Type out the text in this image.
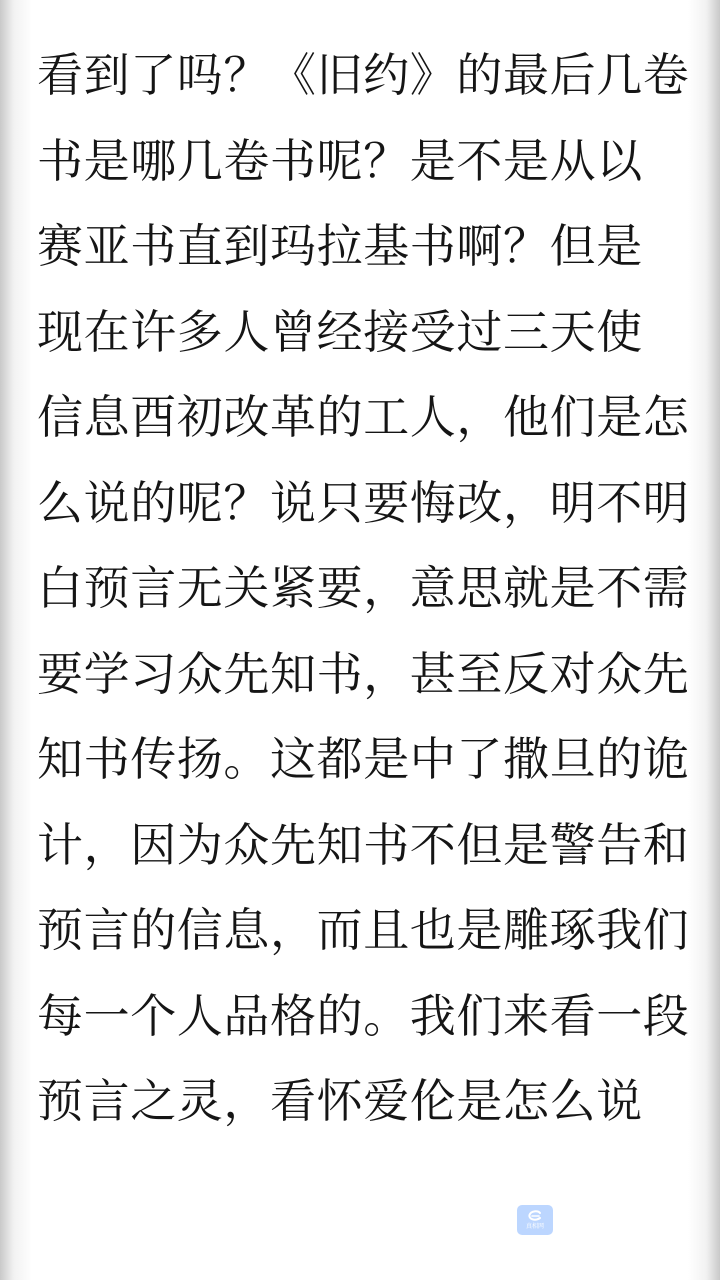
看到了吗？《旧约》的最后几卷
书是哪几卷书呢？是不是从以
赛亚书直到玛拉基书啊？但是
现在许多人曾经接受过三天使
信息酉初改革的工人，他们是怎
么说的呢？说只要悔改，明不明
白预言无关紧要，意思就是不需
要学习众先知书，甚至反对众先
知书传扬。这都是中了撒旦的诡
计，因为众先知书不但是警告和
预言的信息，而且也是雕琢我们
每一个人品格的。我们来看一段
预言之灵，看怀爱伦是怎么说
真相网
